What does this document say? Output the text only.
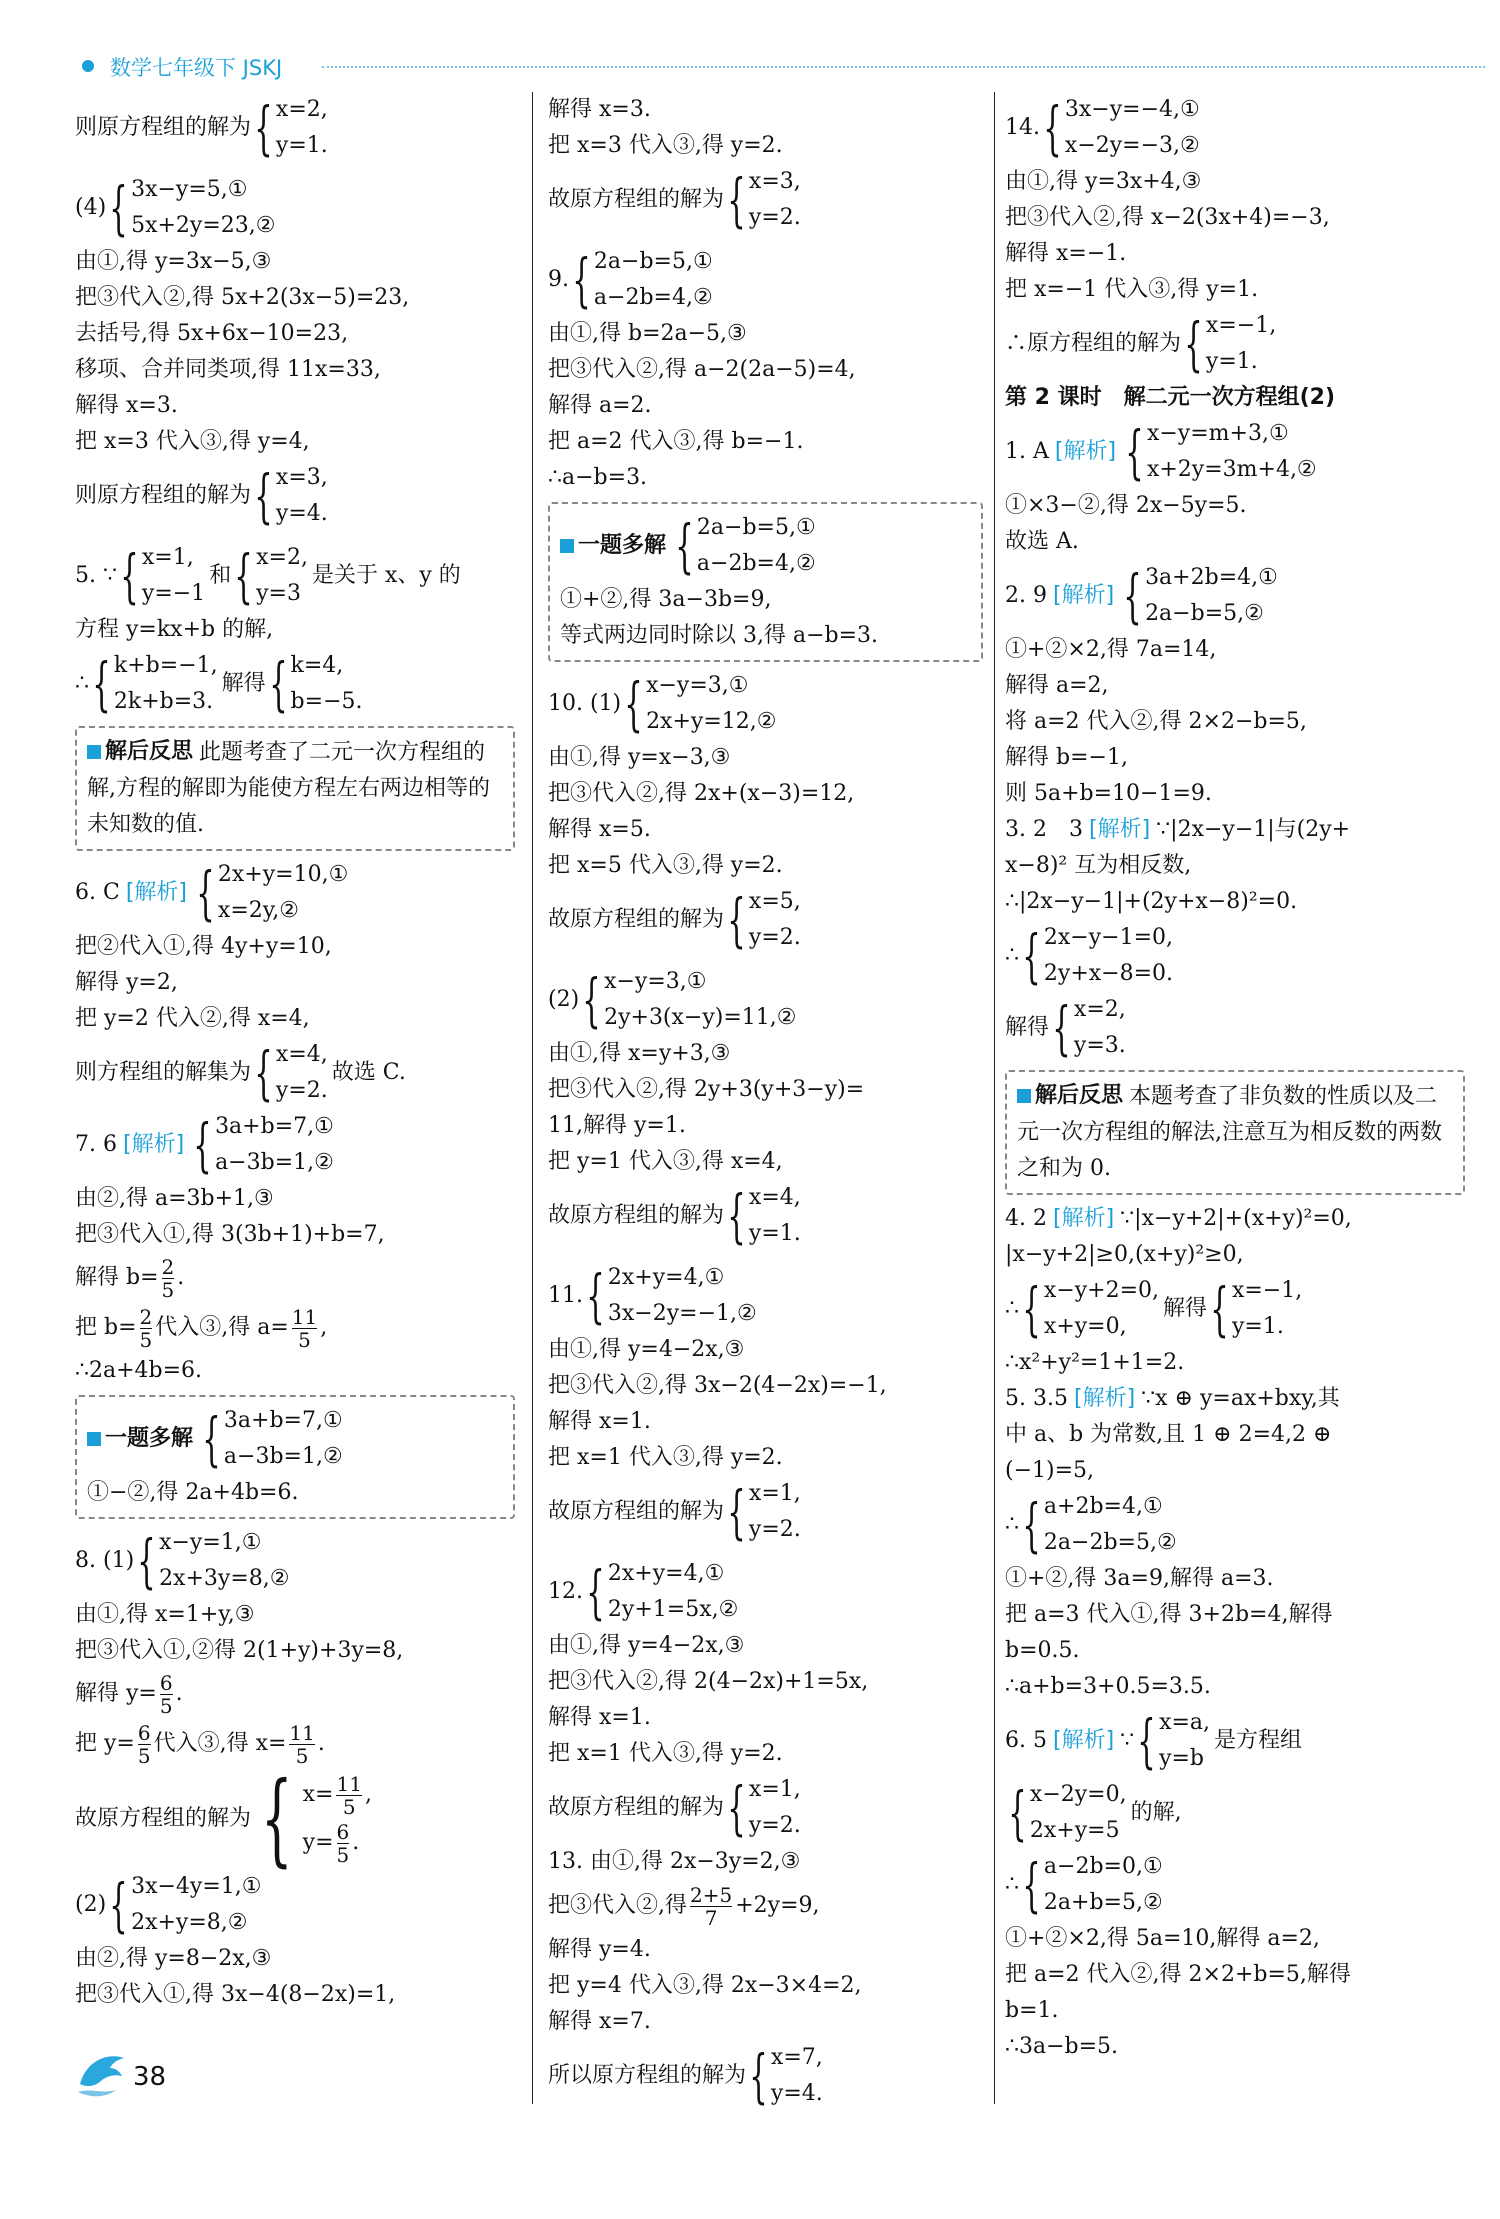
数学七年级下 JSKJ
则原方程组的解为 { x=2,
y=1.
(4) { 3x−y=5,①
5x+2y=23,②
由①,得 y=3x−5,③
把③代入②,得 5x+2(3x−5)=23,
去括号,得 5x+6x−10=23,
移项、合并同类项,得 11x=33,
解得 x=3.
把 x=3 代入③,得 y=4,
则原方程组的解为 { x=3,
y=4.
5. ∵ { x=1,
y=−1
和 { x=2,
y=3
是关于 x、y 的
方程 y=kx+b 的解,
∴ { k+b=−1,
2k+b=3.
解得 { k=4,
b=−5.
解后反思 此题考查了二元一次方程组的解,方程的解即为能使方程左右两边相等的未知数的值.
6. C [解析] { 2x+y=10,①
x=2y,②
把②代入①,得 4y+y=10,
解得 y=2,
把 y=2 代入②,得 x=4,
则方程组的解集为 { x=4,
y=2.
故选 C.
7. 6 [解析] { 3a+b=7,①
a−3b=1,②
由②,得 a=3b+1,③
把③代入①,得 3(3b+1)+b=7,
解得 $b= \frac{2}{5}$ .
把 $b= \frac{2}{5}$ 代入③,得 $a= \frac{11}{5}$ ,
∴2a+4b=6.
一题多解 { 3a+b=7,①
a−3b=1,②
①−②,得 2a+4b=6.
8. (1) { x−y=1,①
2x+3y=8,②
由①,得 x=1+y,③
把③代入①,②得 2(1+y)+3y=8,
解得 $y= \frac{6}{5}$ .
把 $y= \frac{6}{5}$ 代入③,得 $x= \frac{11}{5}$ .
故原方程组的解为 { $x= \frac{11}{5}$ ,
$y= \frac{6}{5}$ .
(2) { 3x−4y=1,①
2x+y=8,②
由②,得 y=8−2x,③
把③代入①,得 3x−4(8−2x)=1,
解得 x=3.
把 x=3 代入③,得 y=2.
故原方程组的解为 { x=3,
y=2.
9. { 2a−b=5,①
a−2b=4,②
由①,得 b=2a−5,③
把③代入②,得 a−2(2a−5)=4,
解得 a=2.
把 a=2 代入③,得 b=−1.
∴a−b=3.
一题多解 { 2a−b=5,①
a−2b=4,②
①+②,得 3a−3b=9,
等式两边同时除以 3,得 a−b=3.
10. (1) { x−y=3,①
2x+y=12,②
由①,得 y=x−3,③
把③代入②,得 2x+(x−3)=12,
解得 x=5.
把 x=5 代入③,得 y=2.
故原方程组的解为 { x=5,
y=2.
(2) { x−y=3,①
2y+3(x−y)=11,②
由①,得 x=y+3,③
把③代入②,得 2y+3(y+3−y)=
11,解得 y=1.
把 y=1 代入③,得 x=4,
故原方程组的解为 { x=4,
y=1.
11. { 2x+y=4,①
3x−2y=−1,②
由①,得 y=4−2x,③
把③代入②,得 3x−2(4−2x)=−1,
解得 x=1.
把 x=1 代入③,得 y=2.
故原方程组的解为 { x=1,
y=2.
12. { 2x+y=4,①
2y+1=5x,②
由①,得 y=4−2x,③
把③代入②,得 2(4−2x)+1=5x,
解得 x=1.
把 x=1 代入③,得 y=2.
故原方程组的解为 { x=1,
y=2.
13. 由①,得 2x−3y=2,③
把③代入②,得 $\frac{2+5}{7} +2y=9$,
解得 y=4.
把 y=4 代入③,得 2x−3×4=2,
解得 x=7.
所以原方程组的解为 { x=7,
y=4.
14. { 3x−y=−4,①
x−2y=−3,②
由①,得 y=3x+4,③
把③代入②,得 x−2(3x+4)=−3,
解得 x=−1.
把 x=−1 代入③,得 y=1.
∴原方程组的解为 { x=−1,
y=1.
第 2 课时　解二元一次方程组(2)
1. A [解析] { x−y=m+3,①
x+2y=3m+4,②
①×3−②,得 2x−5y=5.
故选 A.
2. 9 [解析] { 3a+2b=4,①
2a−b=5,②
①+②×2,得 7a=14,
解得 a=2,
将 a=2 代入②,得 2×2−b=5,
解得 b=−1,
则 5a+b=10−1=9.
3. 2　3 [解析] ∵|2x−y−1|与(2y+
x−8)² 互为相反数,
∴|2x−y−1|+(2y+x−8)²=0.
∴ { 2x−y−1=0,
2y+x−8=0.
解得 { x=2,
y=3.
解后反思 本题考查了非负数的性质以及二元一次方程组的解法,注意互为相反数的两数之和为 0.
4. 2 [解析] ∵|x−y+2|+(x+y)²=0,
|x−y+2|≥0,(x+y)²≥0,
∴ { x−y+2=0,
x+y=0,
解得 { x=−1,
y=1.
∴x²+y²=1+1=2.
5. 3.5 [解析] ∵x ⊕ y=ax+bxy,其
中 a、b 为常数,且 1 ⊕ 2=4,2 ⊕
(−1)=5,
∴ { a+2b=4,①
2a−2b=5,②
①+②,得 3a=9,解得 a=3.
把 a=3 代入①,得 3+2b=4,解得
b=0.5.
∴a+b=3+0.5=3.5.
6. 5 [解析] ∵ { x=a,
y=b
是方程组
{ x−2y=0,
2x+y=5
的解,
∴ { a−2b=0,①
2a+b=5,②
①+②×2,得 5a=10,解得 a=2,
把 a=2 代入②,得 2×2+b=5,解得
b=1.
∴3a−b=5.
38
